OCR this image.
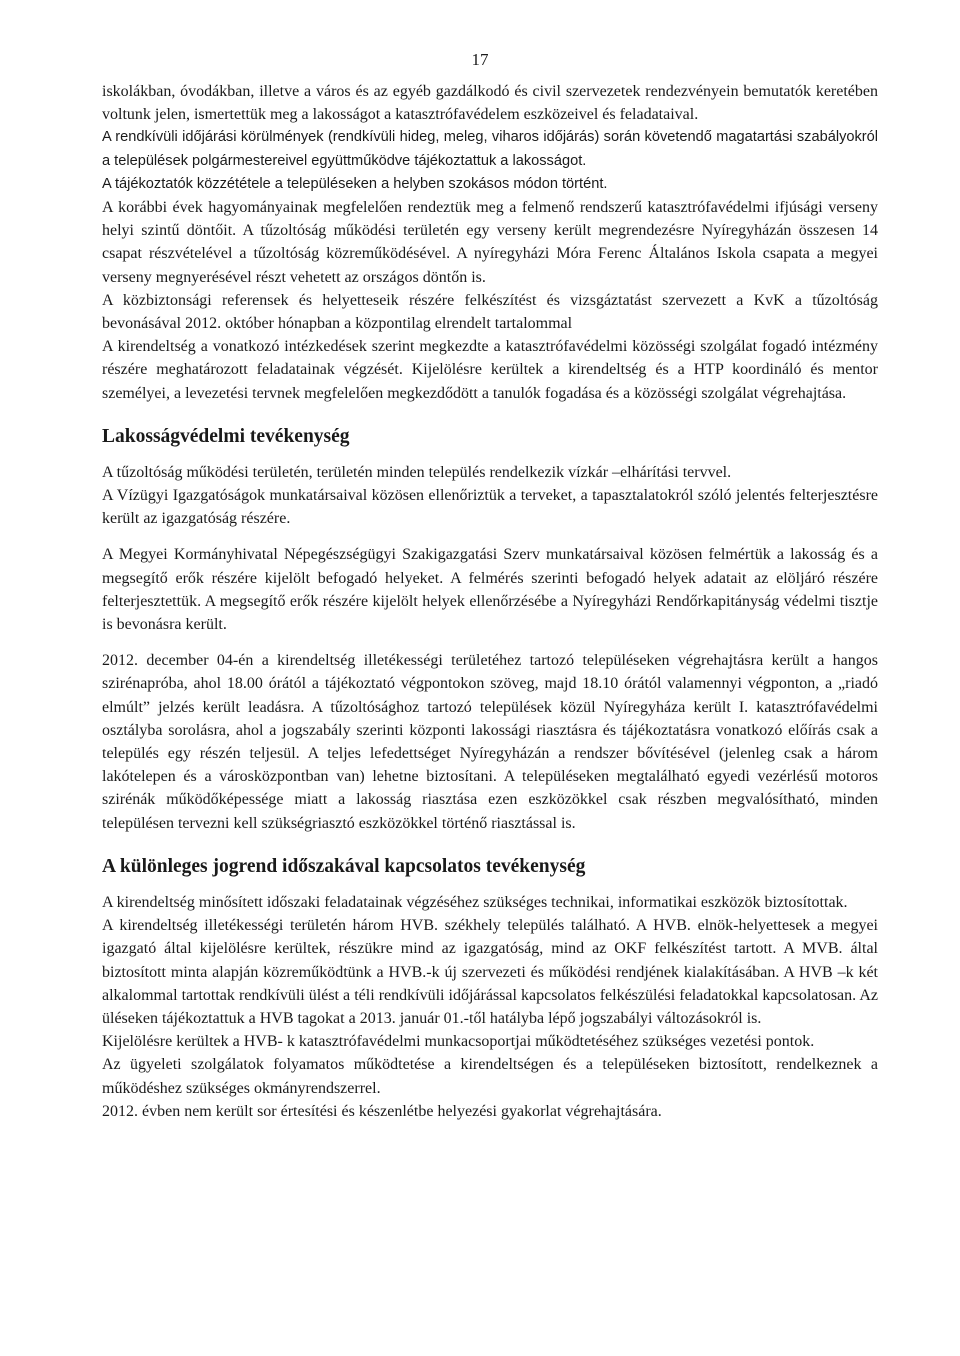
17

iskolákban, óvodákban, illetve a város és az egyéb gazdálkodó és civil szervezetek rendezvényein bemutatók keretében voltunk jelen, ismertettük meg a lakosságot a katasztrófavédelem eszközeivel és feladataival.

A rendkívüli időjárási körülmények (rendkívüli hideg, meleg, viharos időjárás) során követendő magatartási szabályokról a települések polgármestereivel együttműködve tájékoztattuk a lakosságot.

A tájékoztatók közzététele a településeken a helyben szokásos módon történt.

A korábbi évek hagyományainak megfelelően rendeztük meg a felmenő rendszerű katasztrófavédelmi ifjúsági verseny helyi szintű döntőit. A tűzoltóság működési területén egy verseny került megrendezésre Nyíregyházán összesen 14 csapat részvételével a tűzoltóság közreműködésével. A nyíregyházi Móra Ferenc Általános Iskola csapata a megyei verseny megnyerésével részt vehetett az országos döntőn is.

A közbiztonsági referensek és helyetteseik részére felkészítést és vizsgáztatást szervezett a KvK a tűzoltóság bevonásával 2012. október hónapban a központilag elrendelt tartalommal

A kirendeltség a vonatkozó intézkedések szerint megkezdte a katasztrófavédelmi közösségi szolgálat fogadó intézmény részére meghatározott feladatainak végzését. Kijelölésre kerültek a kirendeltség és a HTP koordináló és mentor személyei, a levezetési tervnek megfelelően megkezdődött a tanulók fogadása és a közösségi szolgálat végrehajtása.

Lakosságvédelmi tevékenység

A tűzoltóság működési területén, területén minden település rendelkezik vízkár –elhárítási tervvel.

A Vízügyi Igazgatóságok munkatársaival közösen ellenőriztük a terveket, a tapasztalatokról szóló jelentés felterjesztésre került az igazgatóság részére.

A Megyei Kormányhivatal Népegészségügyi Szakigazgatási Szerv munkatársaival közösen felmértük a lakosság és a megsegítő erők részére kijelölt befogadó helyeket. A felmérés szerinti befogadó helyek adatait az elöljáró részére felterjesztettük. A megsegítő erők részére kijelölt helyek ellenőrzésébe a Nyíregyházi Rendőrkapitányság védelmi tisztje is bevonásra került.

2012. december 04-én a kirendeltség illetékességi területéhez tartozó településeken végrehajtásra került a hangos szirénapróba, ahol 18.00 órától a tájékoztató végpontokon szöveg, majd 18.10 órától valamennyi végponton, a „riadó elmúlt” jelzés került leadásra. A tűzoltósághoz tartozó települések közül Nyíregyháza került I. katasztrófavédelmi osztályba sorolásra, ahol a jogszabály szerinti központi lakossági riasztásra és tájékoztatásra vonatkozó előírás csak a település egy részén teljesül. A teljes lefedettséget Nyíregyházán a rendszer bővítésével (jelenleg csak a három lakótelepen és a városközpontban van) lehetne biztosítani. A településeken megtalálható egyedi vezérlésű motoros szirénák működőképessége miatt a lakosság riasztása ezen eszközökkel csak részben megvalósítható, minden településen tervezni kell szükségriasztó eszközökkel történő riasztással is.

A különleges jogrend időszakával kapcsolatos tevékenység

A kirendeltség minősített időszaki feladatainak végzéséhez szükséges technikai, informatikai eszközök biztosítottak.

A kirendeltség illetékességi területén három HVB. székhely település található. A HVB. elnök-helyettesek a megyei igazgató által kijelölésre kerültek, részükre mind az igazgatóság, mind az OKF felkészítést tartott. A MVB. által biztosított minta alapján közreműködtünk a HVB.-k új szervezeti és működési rendjének kialakításában. A HVB –k két alkalommal tartottak rendkívüli ülést a téli rendkívüli időjárással kapcsolatos felkészülési feladatokkal kapcsolatosan. Az üléseken tájékoztattuk a HVB tagokat a 2013. január 01.-től hatályba lépő jogszabályi változásokról is.

Kijelölésre kerültek a HVB- k katasztrófavédelmi munkacsoportjai működtetéséhez szükséges vezetési pontok.

Az ügyeleti szolgálatok folyamatos működtetése a kirendeltségen és a településeken biztosított, rendelkeznek a működéshez szükséges okmányrendszerrel.

2012. évben nem került sor értesítési és készenlétbe helyezési gyakorlat végrehajtására.
